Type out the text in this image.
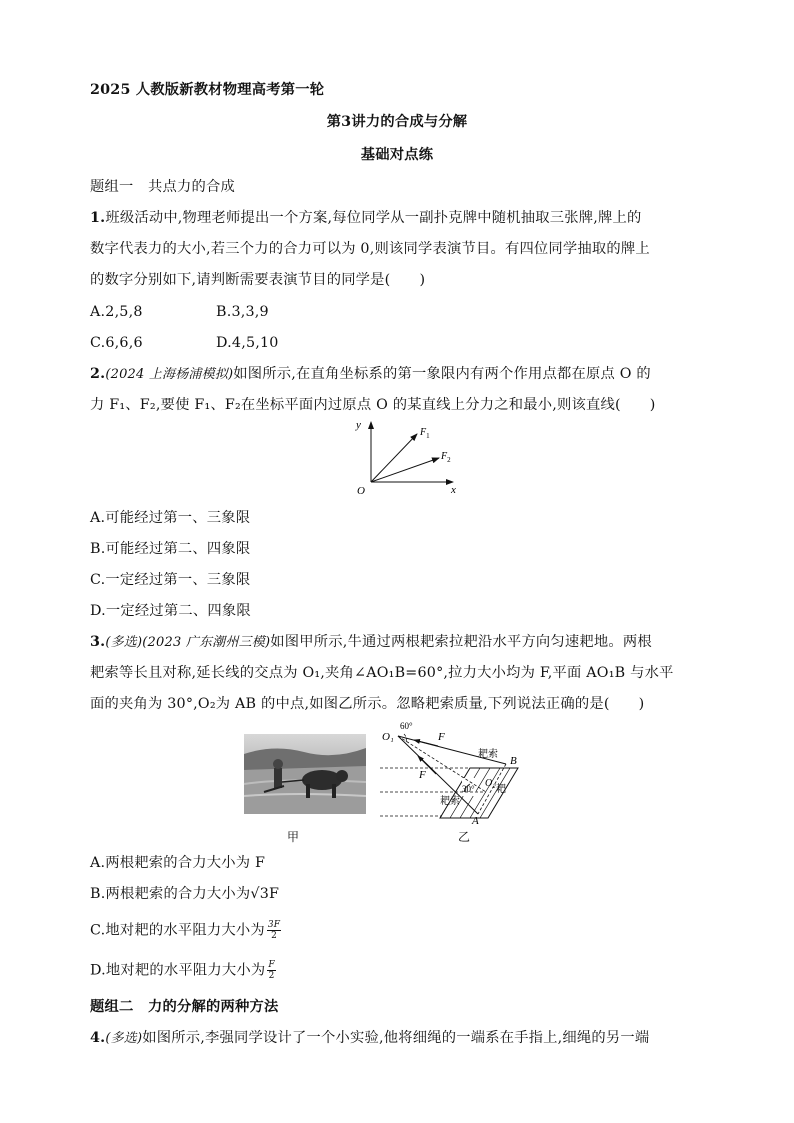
2025 人教版新教材物理高考第一轮
第3讲力的合成与分解
基础对点练
题组一　共点力的合成
1.班级活动中,物理老师提出一个方案,每位同学从一副扑克牌中随机抽取三张牌,牌上的
数字代表力的大小,若三个力的合力可以为 0,则该同学表演节目。有四位同学抽取的牌上
的数字分别如下,请判断需要表演节目的同学是(　　)
A.2,5,8	B.3,3,9
C.6,6,6	D.4,5,10
2.(2024 上海杨浦模拟)如图所示,在直角坐标系的第一象限内有两个作用点都在原点 O 的
力 F₁、F₂,要使 F₁、F₂在坐标平面内过原点 O 的某直线上分力之和最小,则该直线(　　)
y
x
O
$F_1$
$F_2$
A.可能经过第一、三象限
B.可能经过第二、四象限
C.一定经过第一、三象限
D.一定经过第二、四象限
3.(多选)(2023 广东潮州三模)如图甲所示,牛通过两根耙索拉耙沿水平方向匀速耙地。两根
耙索等长且对称,延长线的交点为 O₁,夹角∠AO₁B=60°,拉力大小均为 F,平面 AO₁B 与水平
面的夹角为 30°,O₂为 AB 的中点,如图乙所示。忽略耙索质量,下列说法正确的是(　　)
甲
O₁
60°
F
F
耙索
B
O₂
30° 耙
耙索
A
乙
A.两根耙索的合力大小为 F
B.两根耙索的合力大小为√3F
C.地对耙的水平阻力大小为 $\frac{3F}{2}$
D.地对耙的水平阻力大小为 $\frac{F}{2}$
题组二　力的分解的两种方法
4.(多选)如图所示,李强同学设计了一个小实验,他将细绳的一端系在手指上,细绳的另一端
